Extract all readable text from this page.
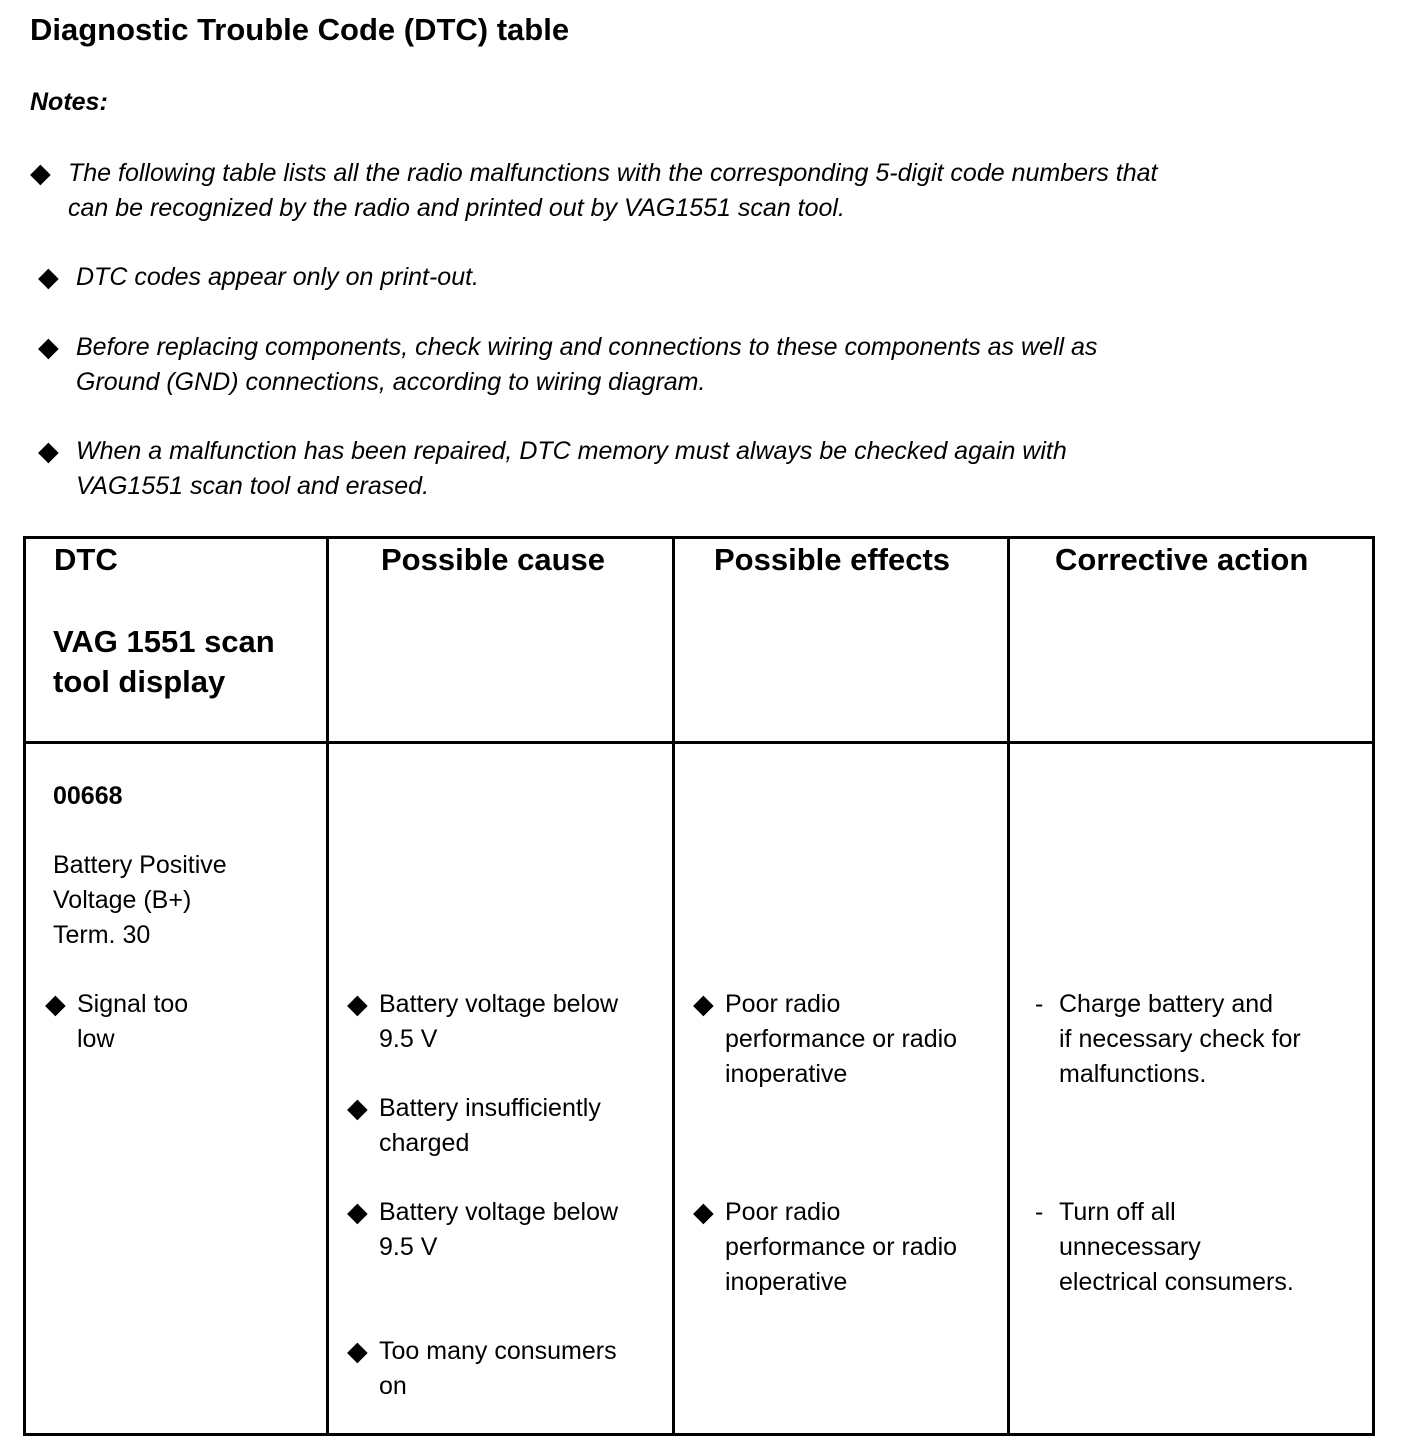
Diagnostic Trouble Code (DTC) table
Notes:
◆ The following table lists all the radio malfunctions with the corresponding 5-digit code numbers that

can be recognized by the radio and printed out by VAG1551 scan tool.

◆ DTC codes appear only on print-out.

◆ Before replacing components, check wiring and connections to these components as well as

Ground (GND) connections, according to wiring diagram.

◆ When a malfunction has been repaired, DTC memory must always be checked again with

VAG1551 scan tool and erased.

DTC
VAG 1551 scan
tool display
Possible cause	Possible effects	Corrective action
00668

Battery Positive

Voltage (B+)

Term. 30

◆ Signal too

low

◆ Battery voltage below

9.5 V

◆ Battery insufficiently

charged

◆ Battery voltage below

9.5 V

◆ Too many consumers

on

◆ Poor radio

performance or radio

inoperative

◆ Poor radio

performance or radio

inoperative

- Charge battery and

if necessary check for

malfunctions.

- Turn off all

unnecessary

electrical consumers.
